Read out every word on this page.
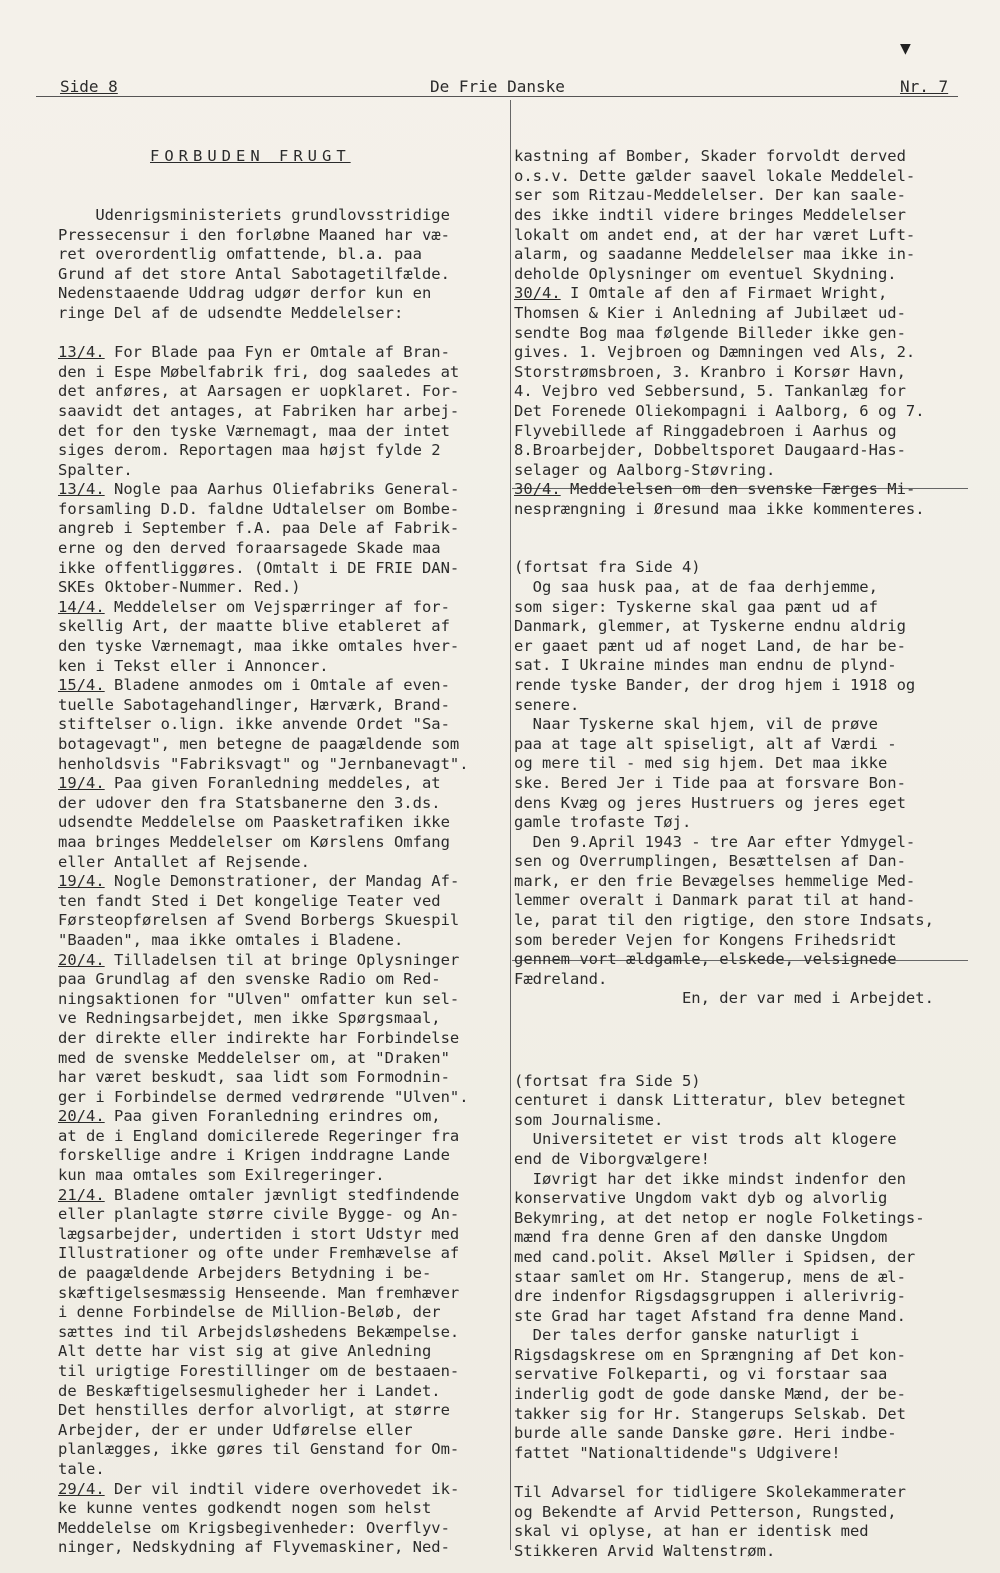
▼
Side 8	De Frie Danske	Nr. 7

FORBUDEN FRUGT

Udenrigsministeriets grundlovsstridige
Pressecensur i den forløbne Maaned har væ-
ret overordentlig omfattende, bl.a. paa
Grund af det store Antal Sabotagetilfælde.
Nedenstaaende Uddrag udgør derfor kun en
ringe Del af de udsendte Meddelelser:

13/4. For Blade paa Fyn er Omtale af Bran-
den i Espe Møbelfabrik fri, dog saaledes at
det anføres, at Aarsagen er uopklaret. For-
saavidt det antages, at Fabriken har arbej-
det for den tyske Værnemagt, maa der intet
siges derom. Reportagen maa højst fylde 2
Spalter.
13/4. Nogle paa Aarhus Oliefabriks General-
forsamling D.D. faldne Udtalelser om Bombe-
angreb i September f.A. paa Dele af Fabrik-
erne og den derved foraarsagede Skade maa
ikke offentliggøres. (Omtalt i DE FRIE DAN-
SKEs Oktober-Nummer. Red.)
14/4. Meddelelser om Vejspærringer af for-
skellig Art, der maatte blive etableret af
den tyske Værnemagt, maa ikke omtales hver-
ken i Tekst eller i Annoncer.
15/4. Bladene anmodes om i Omtale af even-
tuelle Sabotagehandlinger, Hærværk, Brand-
stiftelser o.lign. ikke anvende Ordet "Sa-
botagevagt", men betegne de paagældende som
henholdsvis "Fabriksvagt" og "Jernbanevagt".
19/4. Paa given Foranledning meddeles, at
der udover den fra Statsbanerne den 3.ds.
udsendte Meddelelse om Paasketrafiken ikke
maa bringes Meddelelser om Kørslens Omfang
eller Antallet af Rejsende.
19/4. Nogle Demonstrationer, der Mandag Af-
ten fandt Sted i Det kongelige Teater ved
Førsteopførelsen af Svend Borbergs Skuespil
"Baaden", maa ikke omtales i Bladene.
20/4. Tilladelsen til at bringe Oplysninger
paa Grundlag af den svenske Radio om Red-
ningsaktionen for "Ulven" omfatter kun sel-
ve Redningsarbejdet, men ikke Spørgsmaal,
der direkte eller indirekte har Forbindelse
med de svenske Meddelelser om, at "Draken"
har været beskudt, saa lidt som Formodnin-
ger i Forbindelse dermed vedrørende "Ulven".
20/4. Paa given Foranledning erindres om,
at de i England domicilerede Regeringer fra
forskellige andre i Krigen inddragne Lande
kun maa omtales som Exilregeringer.
21/4. Bladene omtaler jævnligt stedfindende
eller planlagte større civile Bygge- og An-
lægsarbejder, undertiden i stort Udstyr med
Illustrationer og ofte under Fremhævelse af
de paagældende Arbejders Betydning i be-
skæftigelsesmæssig Henseende. Man fremhæver
i denne Forbindelse de Million-Beløb, der
sættes ind til Arbejdsløshedens Bekæmpelse.
Alt dette har vist sig at give Anledning
til urigtige Forestillinger om de bestaaen-
de Beskæftigelsesmuligheder her i Landet.
Det henstilles derfor alvorligt, at større
Arbejder, der er under Udførelse eller
planlægges, ikke gøres til Genstand for Om-
tale.
29/4. Der vil indtil videre overhovedet ik-
ke kunne ventes godkendt nogen som helst
Meddelelse om Krigsbegivenheder: Overflyv-
ninger, Nedskydning af Flyvemaskiner, Ned-

kastning af Bomber, Skader forvoldt derved
o.s.v. Dette gælder saavel lokale Meddelel-
ser som Ritzau-Meddelelser. Der kan saale-
des ikke indtil videre bringes Meddelelser
lokalt om andet end, at der har været Luft-
alarm, og saadanne Meddelelser maa ikke in-
deholde Oplysninger om eventuel Skydning.
30/4. I Omtale af den af Firmaet Wright,
Thomsen & Kier i Anledning af Jubilæet ud-
sendte Bog maa følgende Billeder ikke gen-
gives. 1. Vejbroen og Dæmningen ved Als, 2.
Storstrømsbroen, 3. Kranbro i Korsør Havn,
4. Vejbro ved Sebbersund, 5. Tankanlæg for
Det Forenede Oliekompagni i Aalborg, 6 og 7.
Flyvebillede af Ringgadebroen i Aarhus og
8.Broarbejder, Dobbeltsporet Daugaard-Has-
selager og Aalborg-Støvring.
30/4. Meddelelsen om den svenske Færges Mi-
nesprængning i Øresund maa ikke kommenteres.

(fortsat fra Side 4)
Og saa husk paa, at de faa derhjemme,
som siger: Tyskerne skal gaa pænt ud af
Danmark, glemmer, at Tyskerne endnu aldrig
er gaaet pænt ud af noget Land, de har be-
sat. I Ukraine mindes man endnu de plynd-
rende tyske Bander, der drog hjem i 1918 og
senere.
Naar Tyskerne skal hjem, vil de prøve
paa at tage alt spiseligt, alt af Værdi -
og mere til - med sig hjem. Det maa ikke
ske. Bered Jer i Tide paa at forsvare Bon-
dens Kvæg og jeres Hustruers og jeres eget
gamle trofaste Tøj.
Den 9.April 1943 - tre Aar efter Ydmygel-
sen og Overrumplingen, Besættelsen af Dan-
mark, er den frie Bevægelses hemmelige Med-
lemmer overalt i Danmark parat til at hand-
le, parat til den rigtige, den store Indsats,
som bereder Vejen for Kongens Frihedsridt
gennem vort ældgamle, elskede, velsignede
Fædreland.
En, der var med i Arbejdet.

(fortsat fra Side 5)
centuret i dansk Litteratur, blev betegnet
som Journalisme.
Universitetet er vist trods alt klogere
end de Viborgvælgere!
Iøvrigt har det ikke mindst indenfor den
konservative Ungdom vakt dyb og alvorlig
Bekymring, at det netop er nogle Folketings-
mænd fra denne Gren af den danske Ungdom
med cand.polit. Aksel Møller i Spidsen, der
staar samlet om Hr. Stangerup, mens de æl-
dre indenfor Rigsdagsgruppen i allerivrig-
ste Grad har taget Afstand fra denne Mand.
Der tales derfor ganske naturligt i
Rigsdagskrese om en Sprængning af Det kon-
servative Folkeparti, og vi forstaar saa
inderlig godt de gode danske Mænd, der be-
takker sig for Hr. Stangerups Selskab. Det
burde alle sande Danske gøre. Heri indbe-
fattet "Nationaltidende"s Udgivere!

Til Advarsel for tidligere Skolekammerater
og Bekendte af Arvid Petterson, Rungsted,
skal vi oplyse, at han er identisk med
Stikkeren Arvid Waltenstrøm.
